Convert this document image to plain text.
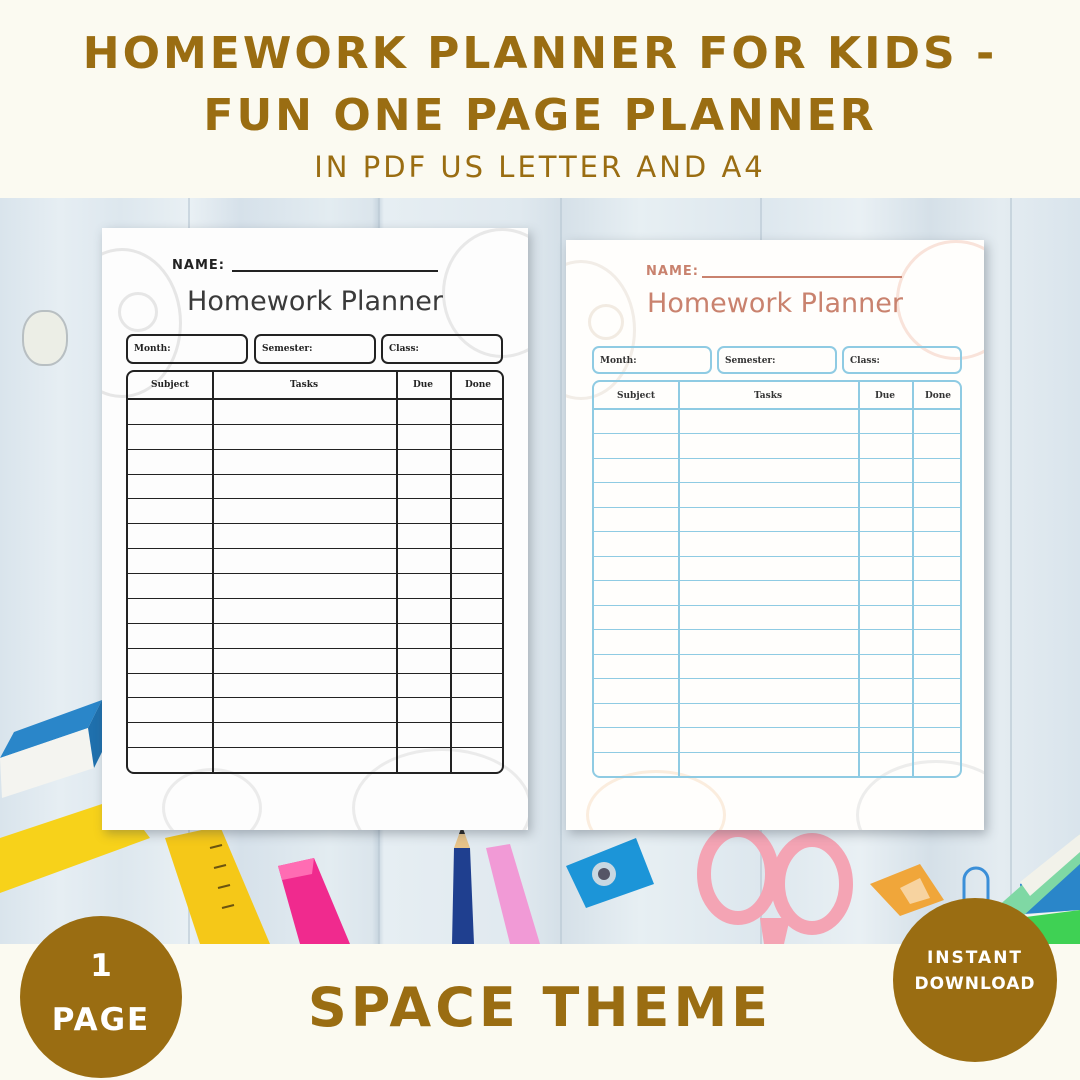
HOMEWORK PLANNER FOR KIDS -
FUN ONE PAGE PLANNER
IN PDF US LETTER AND A4
NAME:
Homework Planner
Month:	Semester:	Class:
Subject	Tasks	Due	Done
NAME:
Homework Planner
Month:	Semester:	Class:
Subject	Tasks	Due	Done
SPACE THEME
1
PAGE
INSTANT
DOWNLOAD
